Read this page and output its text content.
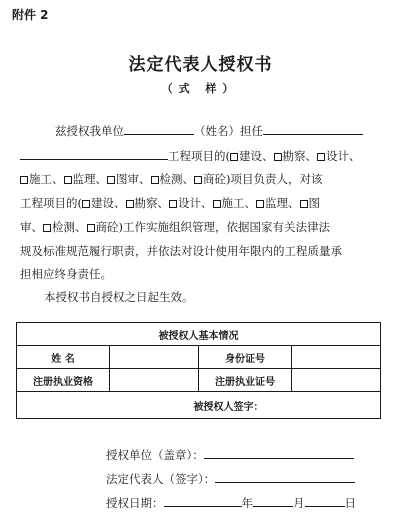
附件 2
法定代表人授权书
（式 样）
兹授权我单位	（姓名）担任
工程项目的( 建设、 勘察、 设计、
施工、 监理、 图审、 检测、 商砼)项目负责人，对该
工程项目的( 建设、 勘察、 设计、 施工、 监理、 图
审、 检测、 商砼)工作实施组织管理，依据国家有关法律法
规及标准规范履行职责，并依法对设计使用年限内的工程质量承
担相应终身责任。
本授权书自授权之日起生效。
被授权人基本情况			
姓 名		身份证号	
注册执业资格		注册执业证号	
被授权人签字：			
授权单位（盖章）：
法定代表人（签字）：
授权日期：	年	月	日
